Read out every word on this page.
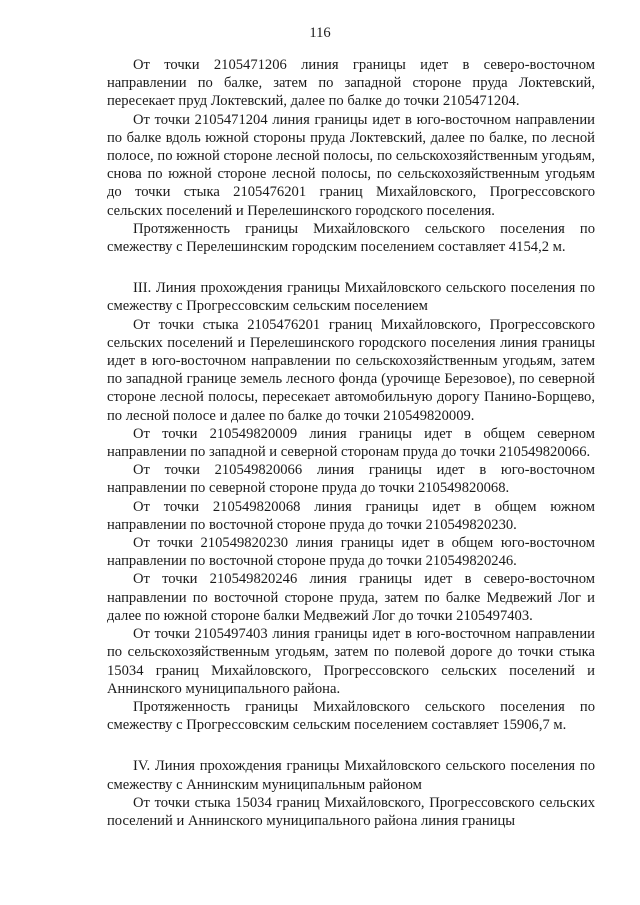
116

От точки 2105471206 линия границы идет в северо-восточном направлении по балке, затем по западной стороне пруда Локтевский, пересекает пруд Локтевский, далее по балке до точки 2105471204.

От точки 2105471204 линия границы идет в юго-восточном направлении по балке вдоль южной стороны пруда Локтевский, далее по балке, по лесной полосе, по южной стороне лесной полосы, по сельскохозяйственным угодьям, снова по южной стороне лесной полосы, по сельскохозяйственным угодьям до точки стыка 2105476201 границ Михайловского, Прогрессовского сельских поселений и Перелешинского городского поселения.

Протяженность границы Михайловского сельского поселения по смежеству с Перелешинским городским поселением составляет 4154,2 м.

III. Линия прохождения границы Михайловского сельского поселения по смежеству с Прогрессовским сельским поселением

От точки стыка 2105476201 границ Михайловского, Прогрессовского сельских поселений и Перелешинского городского поселения линия границы идет в юго-восточном направлении по сельскохозяйственным угодьям, затем по западной границе земель лесного фонда (урочище Березовое), по северной стороне лесной полосы, пересекает автомобильную дорогу Панино-Борщево, по лесной полосе и далее по балке до точки 210549820009.

От точки 210549820009 линия границы идет в общем северном направлении по западной и северной сторонам пруда до точки 210549820066.

От точки 210549820066 линия границы идет в юго-восточном направлении по северной стороне пруда до точки 210549820068.

От точки 210549820068 линия границы идет в общем южном направлении по восточной стороне пруда до точки 210549820230.

От точки 210549820230 линия границы идет в общем юго-восточном направлении по восточной стороне пруда до точки 210549820246.

От точки 210549820246 линия границы идет в северо-восточном направлении по восточной стороне пруда, затем по балке Медвежий Лог и далее по южной стороне балки Медвежий Лог до точки 2105497403.

От точки 2105497403 линия границы идет в юго-восточном направлении по сельскохозяйственным угодьям, затем по полевой дороге до точки стыка 15034 границ Михайловского, Прогрессовского сельских поселений и Аннинского муниципального района.

Протяженность границы Михайловского сельского поселения по смежеству с Прогрессовским сельским поселением составляет 15906,7 м.

IV. Линия прохождения границы Михайловского сельского поселения по смежеству с Аннинским муниципальным районом

От точки стыка 15034 границ Михайловского, Прогрессовского сельских поселений и Аннинского муниципального района линия границы
